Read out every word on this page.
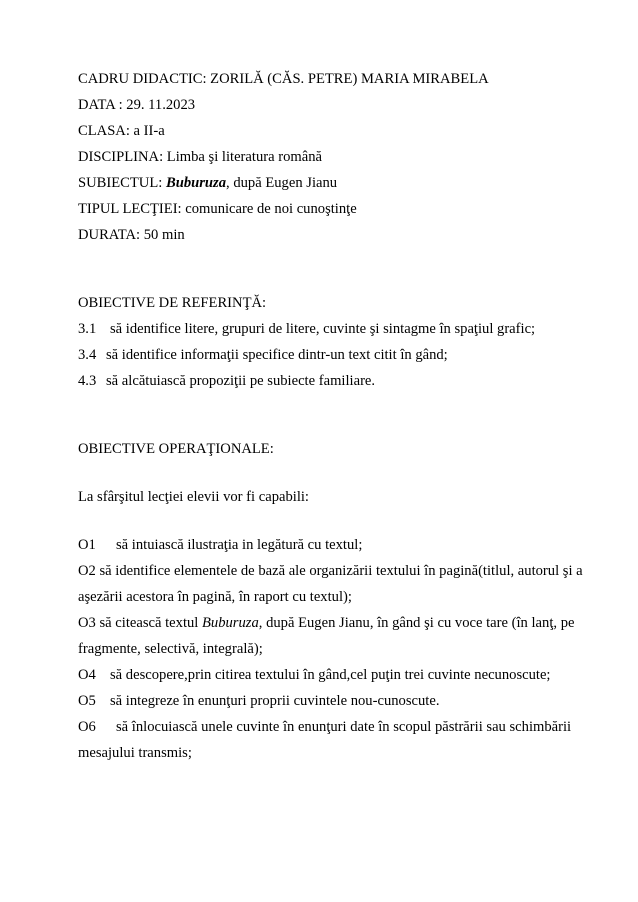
CADRU DIDACTIC: ZORILĂ (CĂS. PETRE) MARIA MIRABELA
DATA : 29. 11.2023
CLASA: a II-a
DISCIPLINA: Limba şi literatura română
SUBIECTUL: Buburuza, după Eugen Jianu
TIPUL LECŢIEI: comunicare de noi cunoştinţe
DURATA: 50 min
OBIECTIVE DE REFERINŢĂ:
3.1 să identifice litere, grupuri de litere, cuvinte şi sintagme în spaţiul grafic;
3.4 să identifice informaţii specifice dintr-un text citit în gând;
4.3 să alcătuiască propoziţii pe subiecte familiare.
OBIECTIVE OPERAŢIONALE:
La sfârşitul lecţiei elevii vor fi capabili:
O1 să intuiască ilustraţia in legătură cu textul;
O2 să identifice elementele de bază ale organizării textului în pagină(titlul, autorul şi a
aşezării acestora în pagină, în raport cu textul);
O3 să citească textul Buburuza, după Eugen Jianu, în gând şi cu voce tare (în lanţ, pe
fragmente, selectivă, integrală);
O4 să descopere,prin citirea textului în gând,cel puţin trei cuvinte necunoscute;
O5 să integreze în enunţuri proprii cuvintele nou-cunoscute.
O6 să înlocuiască unele cuvinte în enunţuri date în scopul păstrării sau schimbării
mesajului transmis;
